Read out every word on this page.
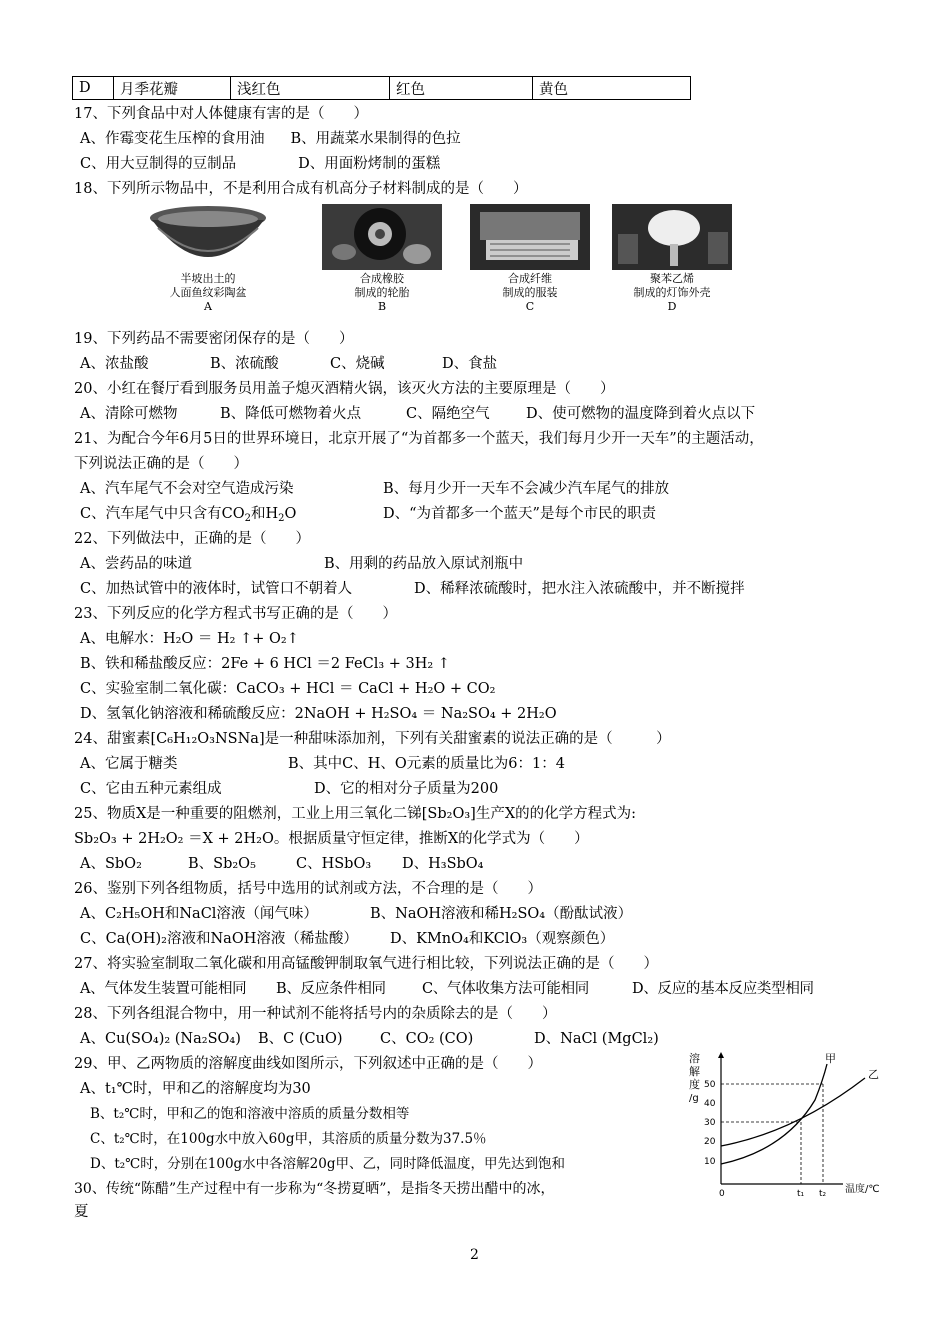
D	月季花瓣	浅红色	红色	黄色
17、下列食品中对人体健康有害的是（　　）
A、作霉变花生压榨的食用油 B、用蔬菜水果制得的色拉
C、用大豆制得的豆制品	D、用面粉烤制的蛋糕
18、下列所示物品中，不是利用合成有机高分子材料制成的是（　　）
半坡出土的
人面鱼纹彩陶盆
A
合成橡胶
制成的轮胎
B
合成纤维
制成的服装
C
聚苯乙烯
制成的灯饰外壳
D
19、下列药品不需要密闭保存的是（　　）
A、浓盐酸	B、浓硫酸	C、烧碱	D、食盐
20、小红在餐厅看到服务员用盖子熄灭酒精火锅，该灭火方法的主要原理是（　　）
A、清除可燃物	B、降低可燃物着火点	C、隔绝空气	D、使可燃物的温度降到着火点以下
21、为配合今年6月5日的世界环境日，北京开展了“为首都多一个蓝天，我们每月少开一天车”的主题活动，
下列说法正确的是（　　）
A、汽车尾气不会对空气造成污染	B、每月少开一天车不会减少汽车尾气的排放
C、汽车尾气中只含有$CO_2$和$H_2O$	D、“为首都多一个蓝天”是每个市民的职责
22、下列做法中，正确的是（　　）
A、尝药品的味道	B、用剩的药品放入原试剂瓶中
C、加热试管中的液体时，试管口不朝着人	D、稀释浓硫酸时，把水注入浓硫酸中，并不断搅拌
23、下列反应的化学方程式书写正确的是（　　）
A、电解水：H₂O ＝ H₂ ↑+ O₂↑
B、铁和稀盐酸反应：2Fe + 6 HCl ＝2 FeCl₃ + 3H₂ ↑
C、实验室制二氧化碳：CaCO₃ + HCl ＝ CaCl + H₂O + CO₂
D、氢氧化钠溶液和稀硫酸反应：2NaOH + H₂SO₄ ＝ Na₂SO₄ + 2H₂O
24、甜蜜素[C₆H₁₂O₃NSNa]是一种甜味添加剂，下列有关甜蜜素的说法正确的是（　　　）
A、它属于糖类	B、其中C、H、O元素的质量比为6：1：4
C、它由五种元素组成	D、它的相对分子质量为200
25、物质X是一种重要的阻燃剂，工业上用三氧化二锑[Sb₂O₃]生产X的的化学方程式为:
Sb₂O₃ + 2H₂O₂ ＝X + 2H₂O。根据质量守恒定律，推断X的化学式为（　　）
A、SbO₂	B、Sb₂O₅	C、HSbO₃ D、H₃SbO₄
26、鉴别下列各组物质，括号中选用的试剂或方法，不合理的是（　　）
A、C₂H₅OH和NaCl溶液（闻气味）	B、NaOH溶液和稀H₂SO₄（酚酞试液）
C、Ca(OH)₂溶液和NaOH溶液（稀盐酸） D、KMnO₄和KClO₃（观察颜色）
27、将实验室制取二氧化碳和用高锰酸钾制取氧气进行相比较，下列说法正确的是（　　）
A、气体发生装置可能相同 B、反应条件相同 C、气体收集方法可能相同	D、反应的基本反应类型相同
28、下列各组混合物中，用一种试剂不能将括号内的杂质除去的是（　　）
A、Cu(SO₄)₂ (Na₂SO₄) B、C (CuO)	C、CO₂ (CO)	D、NaCl (MgCl₂)
29、甲、乙两物质的溶解度曲线如图所示，下列叙述中正确的是（　　）
A、t₁℃时，甲和乙的溶解度均为30
B、t₂℃时，甲和乙的饱和溶液中溶质的质量分数相等
C、t₂℃时，在100g水中放入60g甲，其溶质的质量分数为37.5％
D、t₂℃时，分别在100g水中各溶解20g甲、乙，同时降低温度，甲先达到饱和
30、传统“陈醋”生产过程中有一步称为“冬捞夏晒”，是指冬天捞出醋中的冰，
夏
溶
解
度
/g
50
40
30
20
10
0
甲
乙
t₁ t₂ 温度/℃
2
